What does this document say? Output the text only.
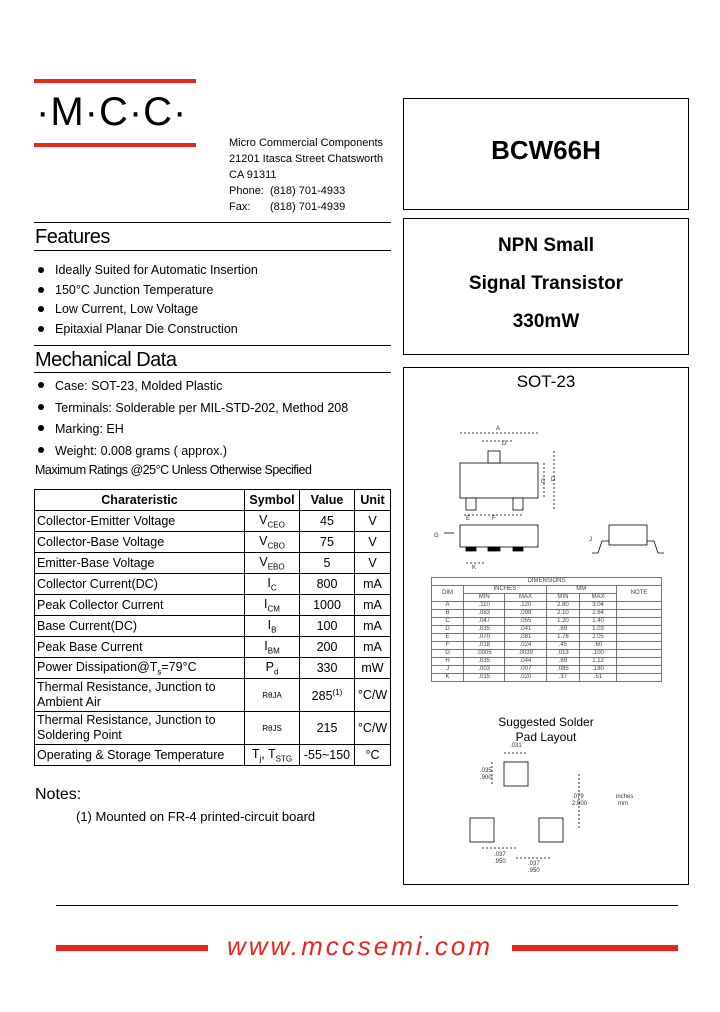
·M·C·C·
Micro Commercial Components
21201 Itasca Street Chatsworth
CA 91311
Phone: (818) 701-4933
Fax: (818) 701-4939
BCW66H
NPN Small
Signal Transistor
330mW
Features
Ideally Suited for Automatic Insertion
150°C Junction Temperature
Low Current, Low Voltage
Epitaxial Planar Die Construction
Mechanical Data
Case: SOT-23, Molded Plastic
Terminals: Solderable per MIL-STD-202, Method 208
Marking: EH
Weight: 0.008 grams ( approx.)
Maximum Ratings @25°C Unless Otherwise Specified
Charateristic	Symbol	Value	Unit
Collector-Emitter Voltage	$V_{CEO}$	45	V
Collector-Base Voltage	$V_{CBO}$	75	V
Emitter-Base Voltage	$V_{EBO}$	5	V
Collector Current(DC)	$I_C$	800	mA
Peak Collector Current	$I_{CM}$	1000	mA
Base Current(DC)	$I_B$	100	mA
Peak Base Current	$I_{BM}$	200	mA
Power $Dissipation@T_s=79^\circ C$	$P_d$	330	mW
Thermal Resistance, Junction to Ambient Air	RθJA	285$^{(1)}$	°C/W
Thermal Resistance, Junction to Soldering Point	RθJS	215	°C/W
Operating & Storage Temperature	$T_j$, $T_{STG}$	-55~150	°C
Notes:
(1) Mounted on FR-4 printed-circuit board
SOT-23
A
D
C D
E	F
G
J
K
DIMENSIONS					
DIM	INCHES		MM		NOTE
	MIN	MAX	MIN	MAX	
A	.110	.120	2.80	3.04	
B	.083	.098	2.10	2.64	
C	.047	.055	1.20	1.40	
D	.035	.041	.89	1.03	
E	.070	.081	1.78	2.05	
F	.018	.024	.45	.60	
G	.0005	.0039	.013	.100	
H	.035	.044	.89	1.12	
J	.003	.007	.085	.180	
K	.015	.020	.37	.51	
Suggested Solder
Pad Layout
.031
.035
.900
.079
2.000
inches
mm
.037
.950	.037
.950
www.mccsemi.com
